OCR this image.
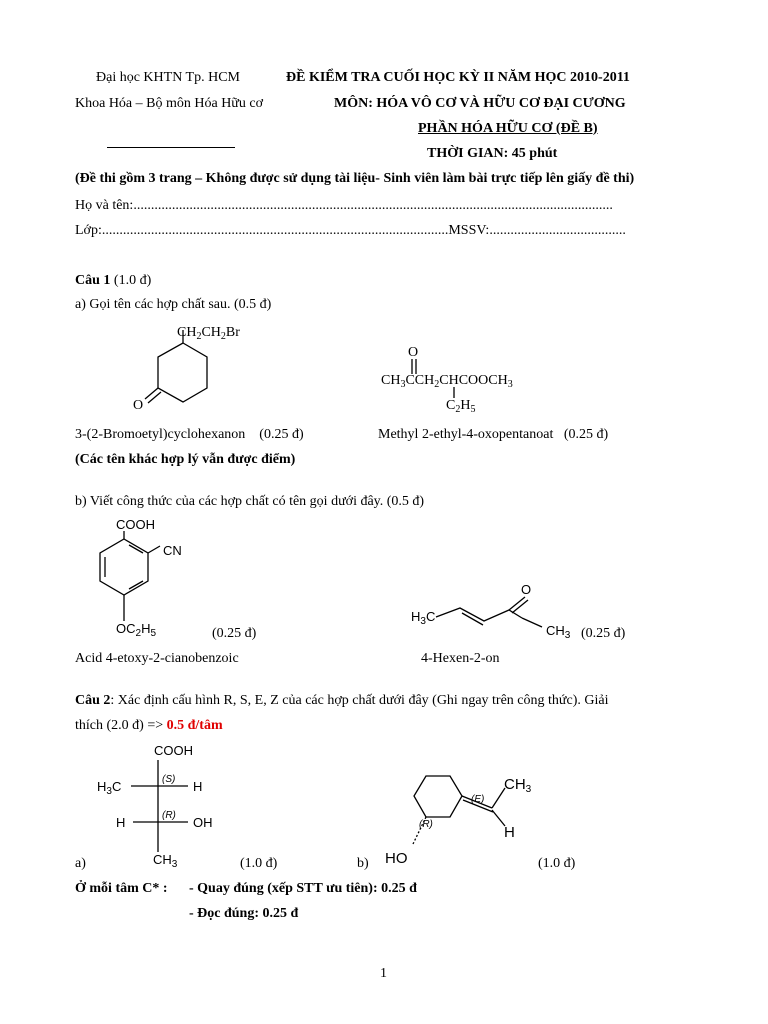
Đại học KHTN Tp. HCM	ĐỀ KIỂM TRA CUỐI HỌC KỲ II NĂM HỌC 2010-2011
Khoa Hóa – Bộ môn Hóa Hữu cơ	MÔN: HÓA VÔ CƠ VÀ HỮU CƠ ĐẠI CƯƠNG
PHẦN HÓA HỮU CƠ (ĐỀ B)
THỜI GIAN: 45 phút
(Đề thi gồm 3 trang – Không được sử dụng tài liệu- Sinh viên làm bài trực tiếp lên giấy đề thi)
Họ và tên:.........................................................................................................................................
Lớp:...................................................................................................MSSV:.......................................
Câu 1 (1.0 đ)
a) Gọi tên các hợp chất sau. (0.5 đ)
$CH_2CH_2Br$
O
O
$CH_3CCH_2CHCOOCH_3$
$C_2H_5$
3-(2-Bromoetyl)cyclohexanon (0.25 đ)	Methyl 2-ethyl-4-oxopentanoat (0.25 đ)
(Các tên khác hợp lý vẫn được điểm)
b) Viết công thức của các hợp chất có tên gọi dưới đây. (0.5 đ)
COOH
CN
$OC_2H_5$	(0.25 đ)
$H_3C$
O
$CH_3$ (0.25 đ)
Acid 4-etoxy-2-cianobenzoic	4-Hexen-2-on
Câu 2: Xác định cấu hình R, S, E, Z của các hợp chất dưới đây (Ghi ngay trên công thức). Giải
thích (2.0 đ) => 0.5 đ/tâm
COOH
$H_3C$	H
(S)
H	OH
(R)
$CH_3$
a)	(1.0 đ)
(R)
(E)
$CH_3$
H
HO
b)	(1.0 đ)
Ở mỗi tâm C* : - Quay đúng (xếp STT ưu tiên): 0.25 đ
- Đọc đúng: 0.25 đ
1
